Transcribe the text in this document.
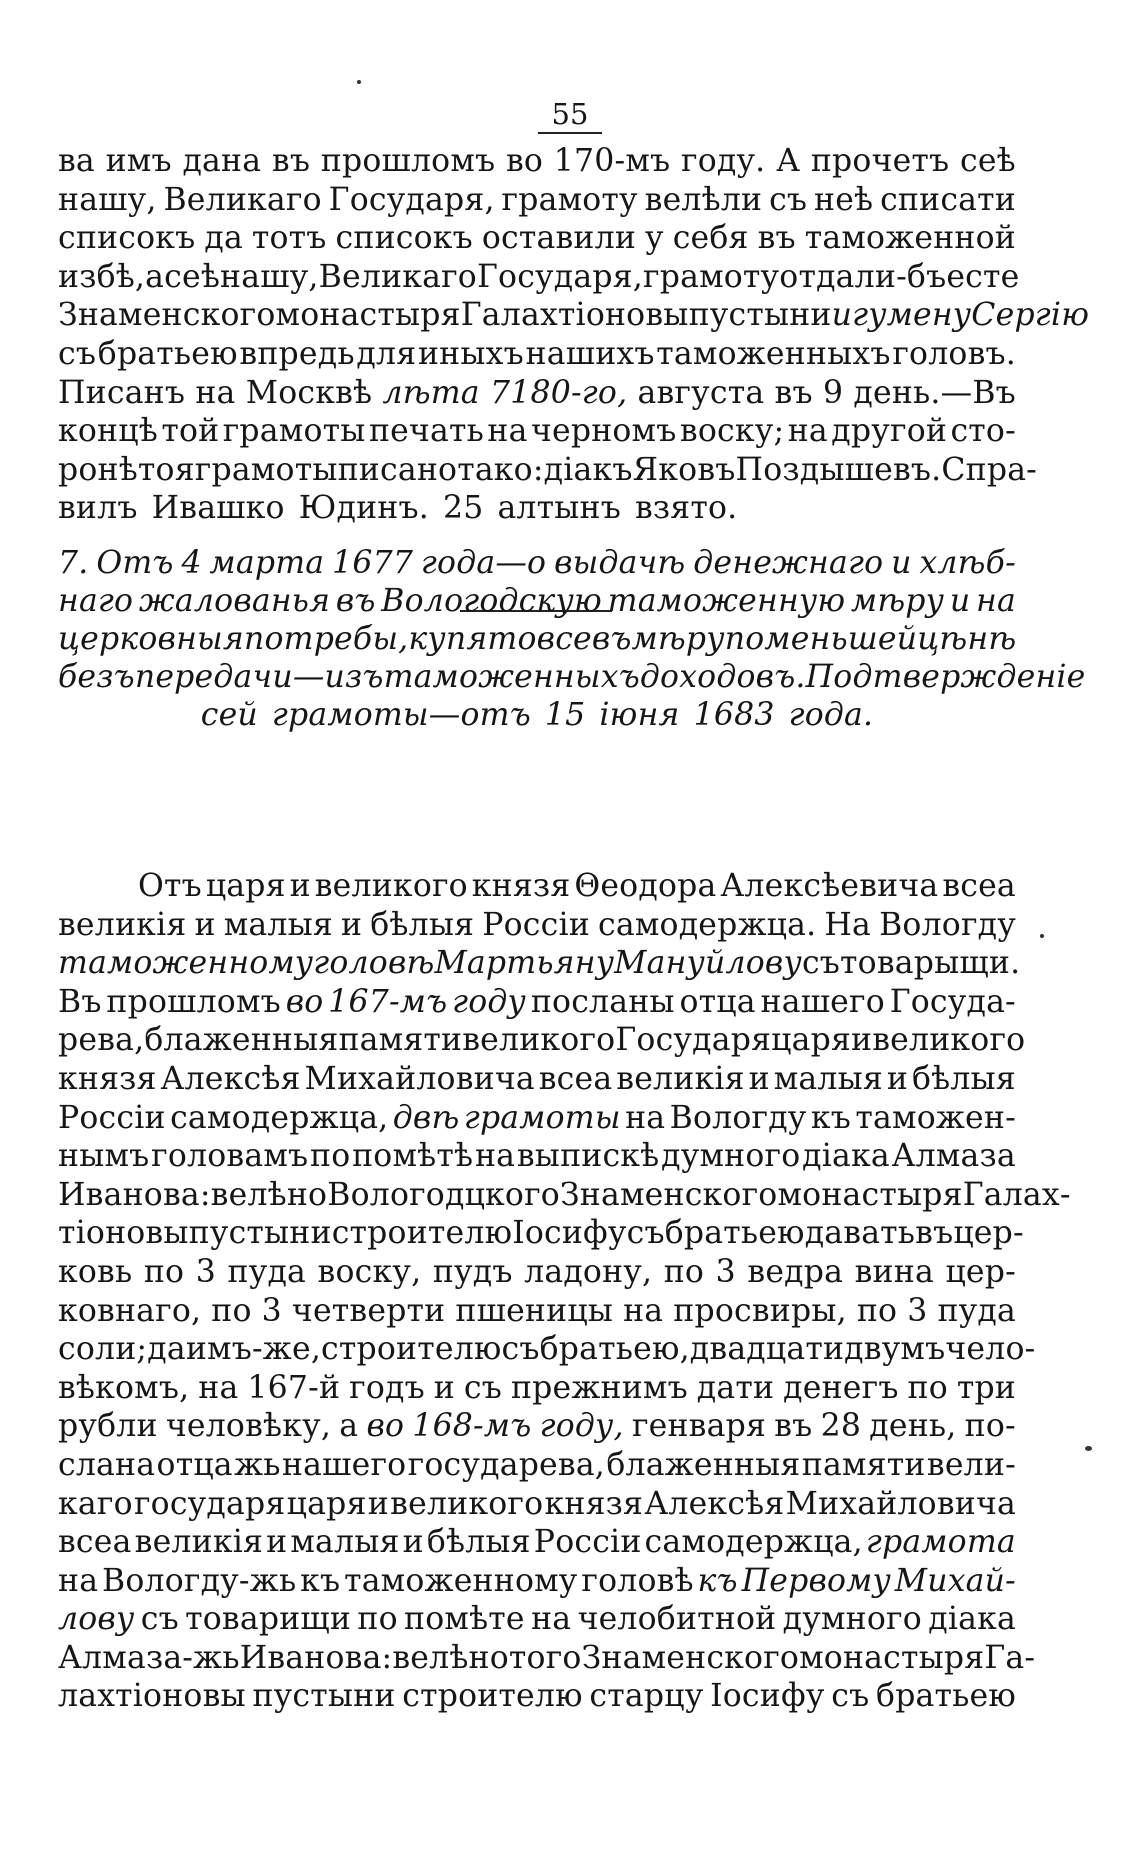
55
ва имъ дана въ прошломъ во 170-мъ году. А прочетъ сеѣ
нашу, Великаго Государя, грамоту велѣли съ неѣ списати
списокъ да тотъ списокъ оставили у себя въ таможенной
избѣ, а сеѣ нашу, Великаго Государя, грамоту отдали-бъ есте
Знаменского монастыря Галахтіоновы пустыни игумену Сергію
съ братьею впредь для иныхъ нашихъ таможенныхъ головъ.
Писанъ на Москвѣ лѣта 7180-го, августа въ 9 день.—Въ
концѣ той грамоты печать на черномъ воску; на другой сто-
ронѣ тоя грамоты писано тако: діакъ Яковъ Поздышевъ. Спра-
вилъ Ивашко Юдинъ. 25 алтынъ взято.
7. Отъ 4 марта 1677 года—о выдачѣ денежнаго и хлѣб-
наго жалованья въ Вологодскую таможенную мѣру и на
церковныя потребы, купя то все въ мѣру по меньшей цѣнѣ
безъ передачи — изъ таможенныхъ доходовъ. Подтвержденіе
сей грамоты—отъ 15 іюня 1683 года.
Отъ царя и великого князя Θеодора Алексѣевича всеа
великія и малыя и бѣлыя Россіи самодержца. На Вологду
таможенному головѣ Мартьяну Мануйлову съ товарыщи.
Въ прошломъ во 167-мъ году посланы отца нашего Госуда-
рева, блаженныя памяти великого Государя царя и великого
князя Алексѣя Михайловича всеа великія и малыя и бѣлыя
Россіи самодержца, двѣ грамоты на Вологду къ таможен-
нымъ головамъ по помѣтѣ на выпискѣ думного діака Алмаза
Иванова: велѣно Вологодцкого Знаменского монастыря Галах-
тіоновы пустыни строителю Іосифу съ братьею давать въ цер-
ковь по 3 пуда воску, пудъ ладону, по 3 ведра вина цер-
ковнаго, по 3 четверти пшеницы на просвиры, по 3 пуда
соли; да имъ-же, строителю съ братьею, двадцати двумъ чело-
вѣкомъ, на 167-й годъ и съ прежнимъ дати денегъ по три
рубли человѣку, а во 168-мъ году, генваря въ 28 день, по-
слана отца жь нашего государева, блаженныя памяти вели-
каго государя царя и великого князя Алексѣя Михайловича
всеа великія и малыя и бѣлыя Россіи самодержца, грамота
на Вологду-жь къ таможенному головѣ къ Первому Михай-
лову съ товарищи по помѣте на челобитной думного діака
Алмаза-жь Иванова: велѣно того Знаменского монастыря Га-
лахтіоновы пустыни строителю старцу Іосифу съ братьею
